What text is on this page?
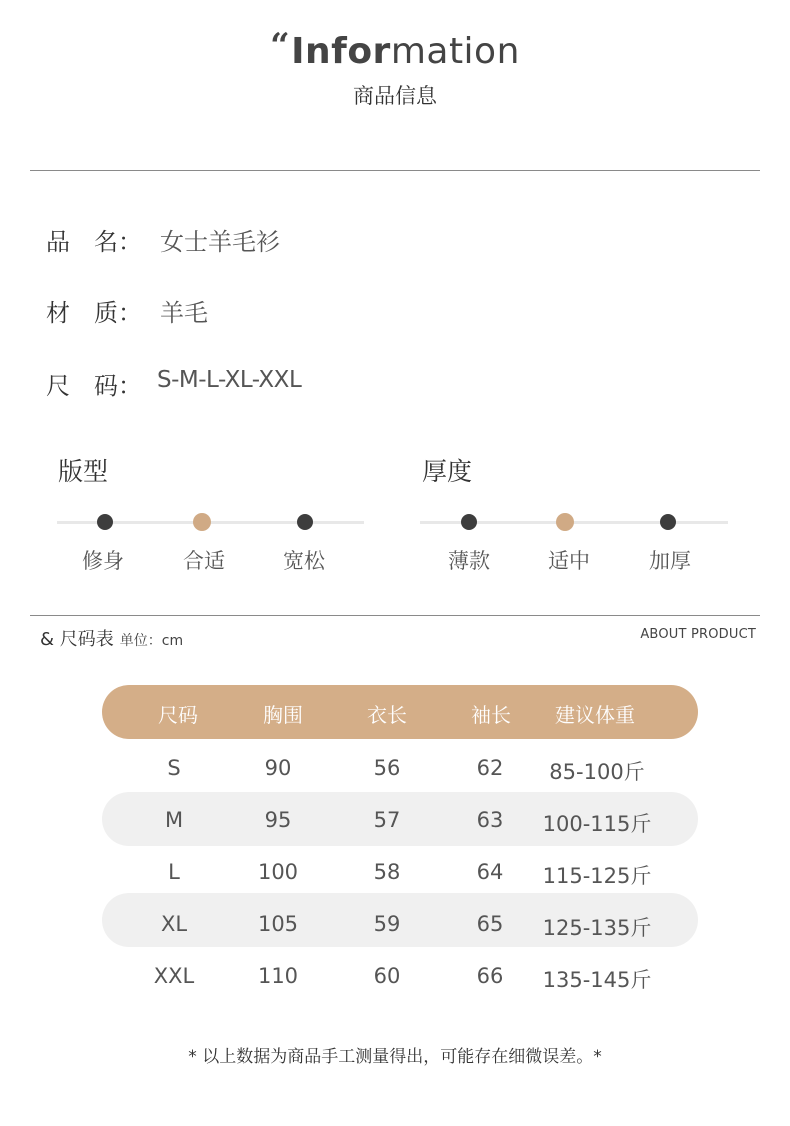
“Information
商品信息
品　名： 女士羊毛衫
材　质： 羊毛
尺　码： S-M-L-XL-XXL
版型
修身	合适	宽松
厚度
薄款	适中	加厚
& 尺码表 单位：cm	ABOUT PRODUCT
尺码	胸围	衣长	袖长	建议体重
S	90	56	62	85-100斤
M	95	57	63	100-115斤
L	100	58	64	115-125斤
XL	105	59	65	125-135斤
XXL	110	60	66	135-145斤
* 以上数据为商品手工测量得出，可能存在细微误差。*
